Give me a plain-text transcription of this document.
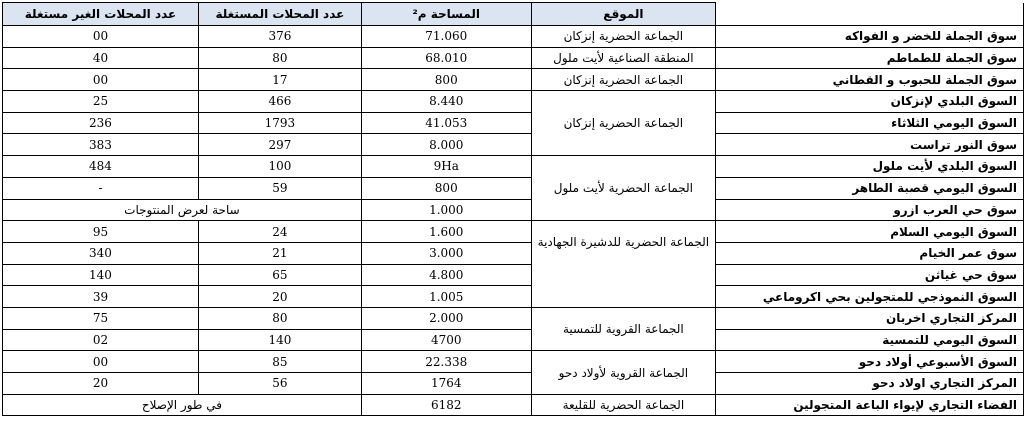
	الموقع	المساحة م²	عدد المحلات المستغلة	عدد المحلات الغير مستغلة
سوق الجملة للخضر و الفواكه	الجماعة الحضرية إنزكان	71.060	376	00
سوق الجملة للطماطم	المنطقة الصناعية لأيت ملول	68.010	80	40
سوق الجملة للحبوب و القطاني	الجماعة الحضرية إنزكان	800	17	00
السوق البلدي لإنزكان	الجماعة الحضرية إنزكان	8.440	466	25
السوق اليومي الثلاثاء		41.053	1793	236
سوق النور تراست		8.000	297	383
السوق البلدي لأيت ملول	الجماعة الحضرية لأيت ملول	9Ha	100	484
السوق اليومي قصبة الطاهر		800	59	-
سوق حي العرب ازرو		1.000	ساحة لعرض المنتوجات	
السوق اليومي السلام	الجماعة الحضرية للدشيرة الجهادية	1.600	24	95
سوق عمر الخيام		3.000	21	340
سوق حي غياثن		4.800	65	140
السوق النموذجي للمتجولين بحي اكروماعي		1.005	20	39
المركز التجاري اخربان	الجماعة القروية للتمسية	2.000	80	75
السوق اليومي للتمسية		4700	140	02
السوق الأسبوعي أولاد دحو	الجماعة القروية لأولاد دحو	22.338	85	00
المركز التجاري اولاد دحو		1764	56	20
الفضاء التجاري لإيواء الباعة المتجولين	الجماعة الحضرية للقليعة	6182	في طور الإصلاح	
